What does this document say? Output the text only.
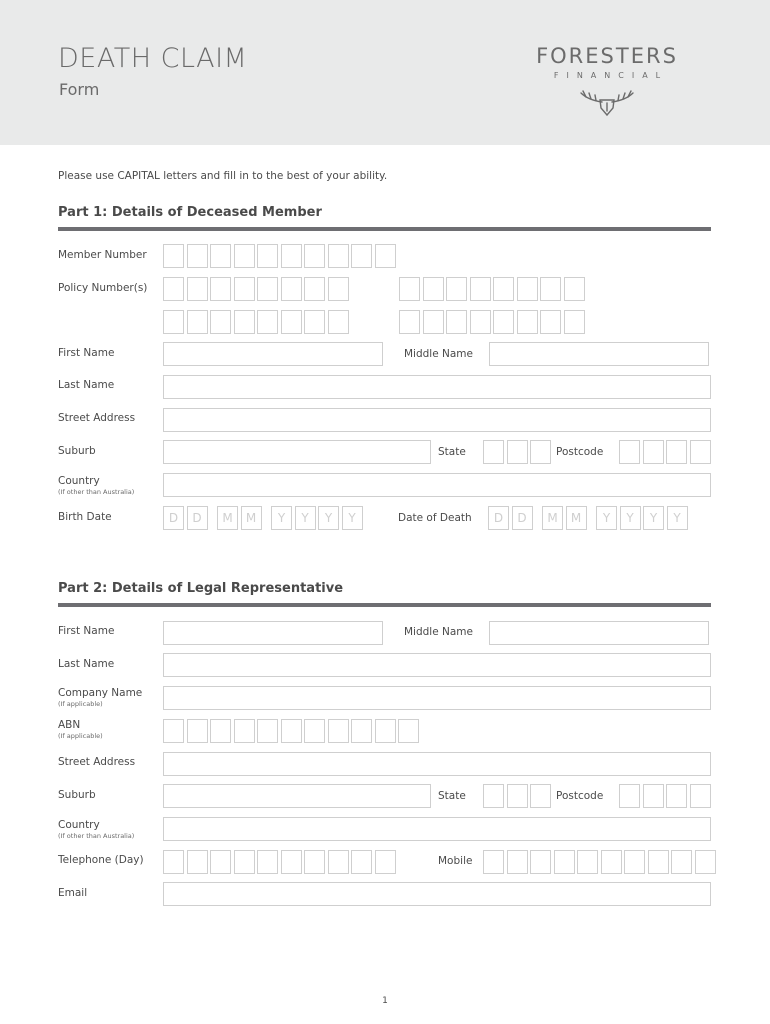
DEATH CLAIM
Form
FORESTERS
FINANCIAL
Please use CAPITAL letters and fill in to the best of your ability.
Part 1: Details of Deceased Member
Member Number
Policy Number(s)
First Name	Middle Name
Last Name
Street Address
Suburb	State	Postcode
Country
(If other than Australia)
Birth Date	D	D	M	M	Y	Y	Y	Y	Date of Death	D	D	M	M	Y	Y	Y	Y
Part 2: Details of Legal Representative
First Name	Middle Name
Last Name
Company Name
(If applicable)
ABN
(If applicable)
Street Address
Suburb	State	Postcode
Country
(If other than Australia)
Telephone (Day)	Mobile
Email
1
